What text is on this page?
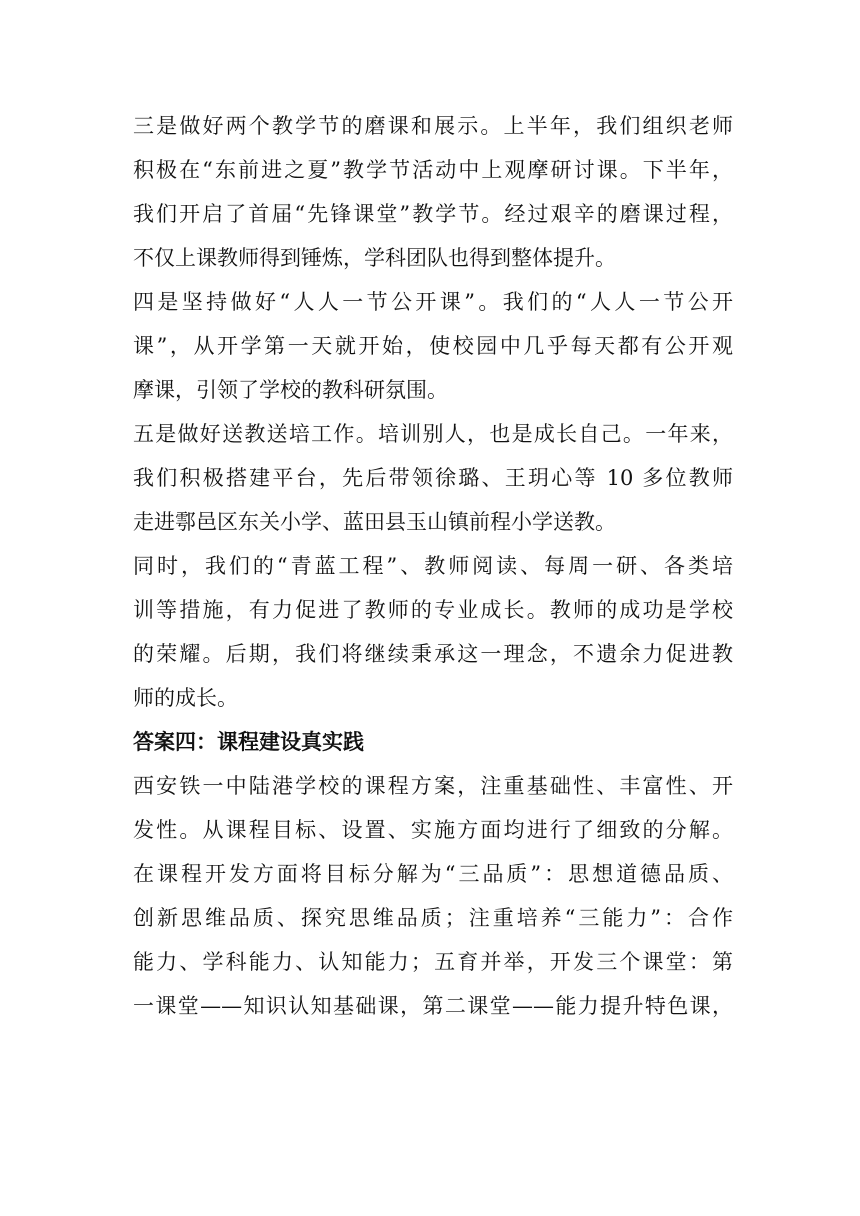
三是做好两个教学节的磨课和展示。上半年，我们组织老师
积极在“东前进之夏”教学节活动中上观摩研讨课。下半年，
我们开启了首届“先锋课堂”教学节。经过艰辛的磨课过程，
不仅上课教师得到锤炼，学科团队也得到整体提升。
四是坚持做好“人人一节公开课”。我们的“人人一节公开
课”，从开学第一天就开始，使校园中几乎每天都有公开观
摩课，引领了学校的教科研氛围。
五是做好送教送培工作。培训别人，也是成长自己。一年来，
我们积极搭建平台，先后带领徐璐、王玥心等 10 多位教师
走进鄠邑区东关小学、蓝田县玉山镇前程小学送教。
同时，我们的“青蓝工程”、教师阅读、每周一研、各类培
训等措施，有力促进了教师的专业成长。教师的成功是学校
的荣耀。后期，我们将继续秉承这一理念，不遗余力促进教
师的成长。
答案四：课程建设真实践
西安铁一中陆港学校的课程方案，注重基础性、丰富性、开
发性。从课程目标、设置、实施方面均进行了细致的分解。
在课程开发方面将目标分解为“三品质”：思想道德品质、
创新思维品质、探究思维品质；注重培养“三能力”：合作
能力、学科能力、认知能力；五育并举，开发三个课堂：第
一课堂——知识认知基础课，第二课堂——能力提升特色课，
